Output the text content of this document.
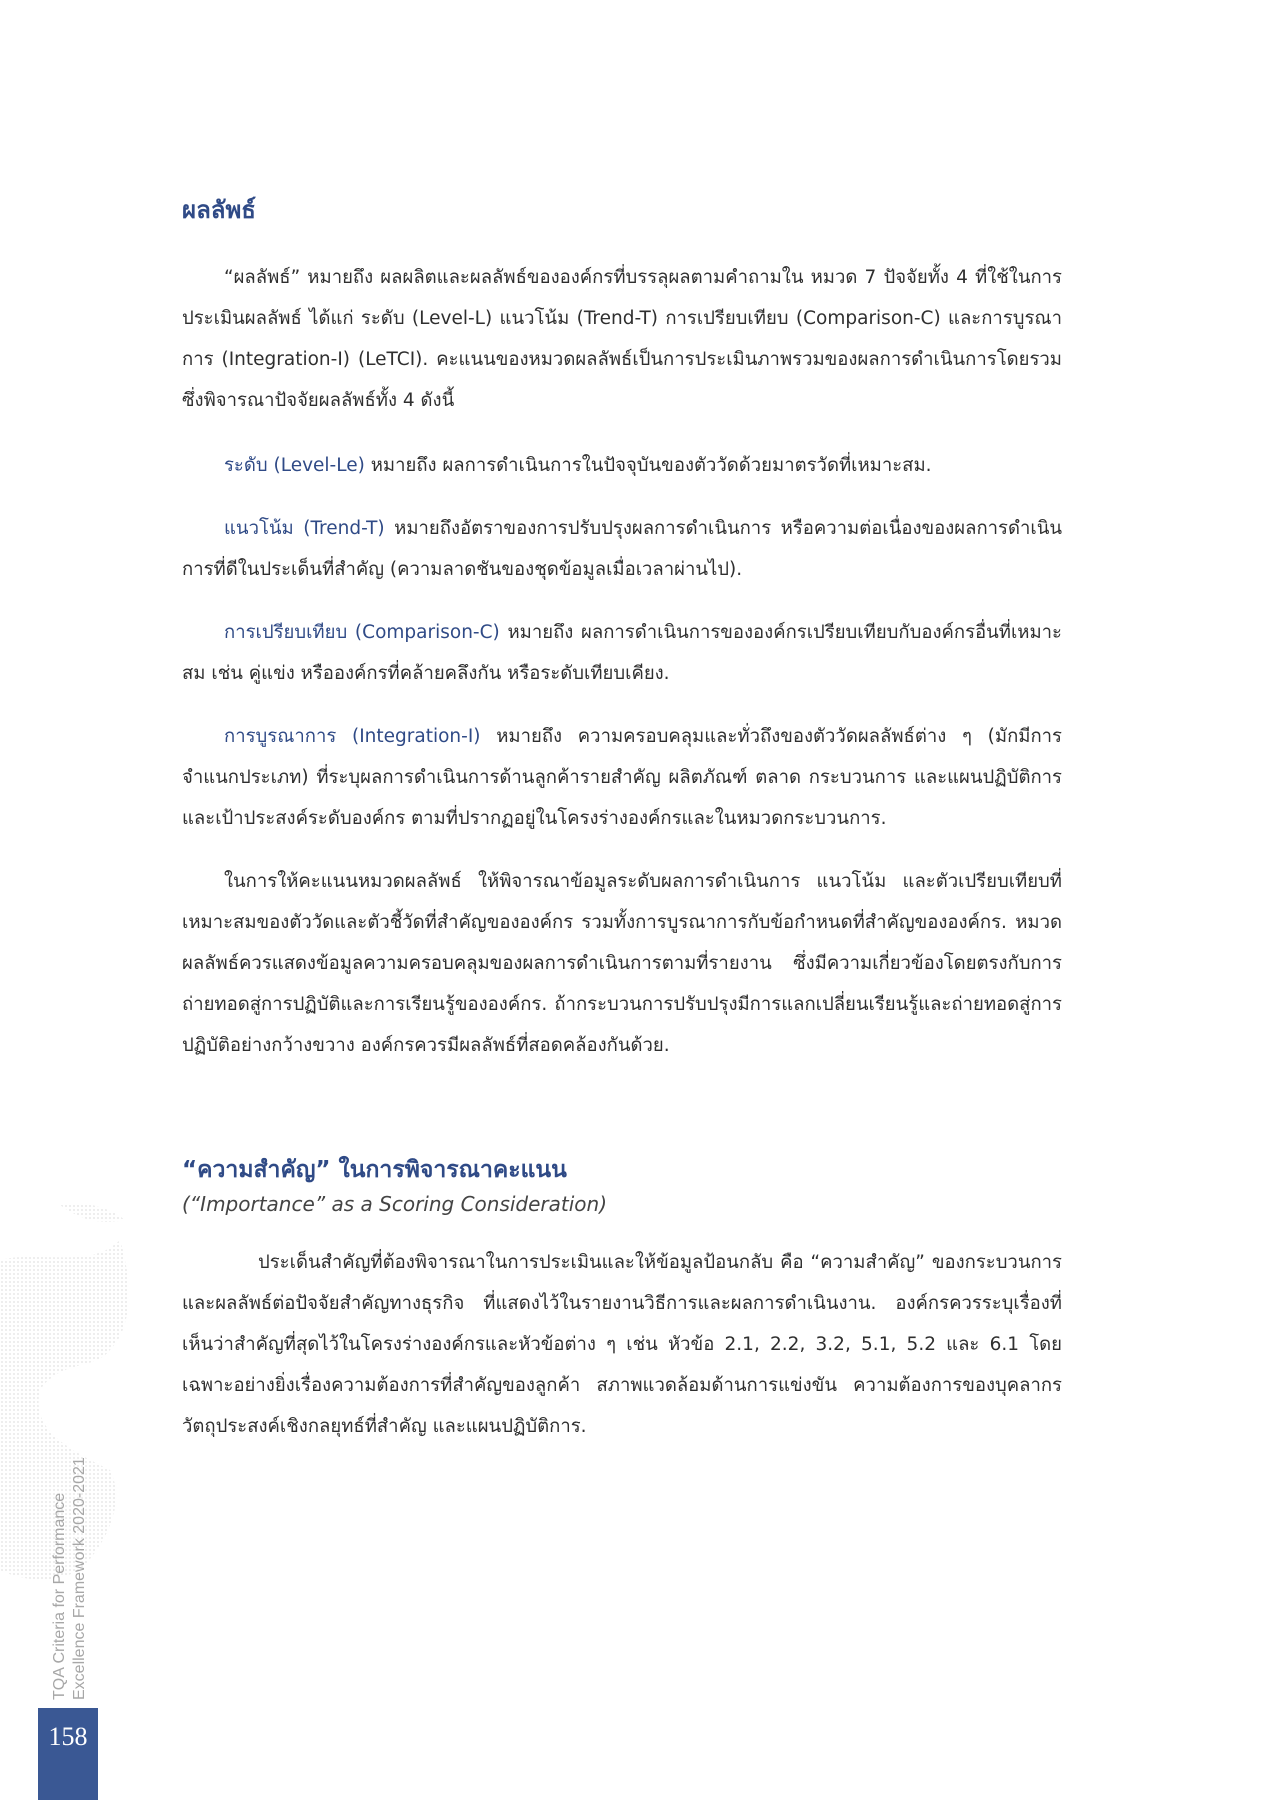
ผลลัพธ์

“ผลลัพธ์” หมายถึง ผลผลิตและผลลัพธ์ขององค์กรที่บรรลุผลตามคำถามใน หมวด 7 ปัจจัยทั้ง 4 ที่ใช้ในการประเมินผลลัพธ์ ได้แก่ ระดับ (Level-L) แนวโน้ม (Trend-T) การเปรียบเทียบ (Comparison-C) และการบูรณาการ (Integration-I) (LeTCI). คะแนนของหมวดผลลัพธ์เป็นการประเมินภาพรวมของผลการดำเนินการโดยรวม ซึ่งพิจารณาปัจจัยผลลัพธ์ทั้ง 4 ดังนี้

ระดับ (Level-Le) หมายถึง ผลการดำเนินการในปัจจุบันของตัววัดด้วยมาตรวัดที่เหมาะสม.

แนวโน้ม (Trend-T) หมายถึงอัตราของการปรับปรุงผลการดำเนินการ หรือความต่อเนื่องของผลการดำเนินการที่ดีในประเด็นที่สำคัญ (ความลาดชันของชุดข้อมูลเมื่อเวลาผ่านไป).

การเปรียบเทียบ (Comparison-C) หมายถึง ผลการดำเนินการขององค์กรเปรียบเทียบกับองค์กรอื่นที่เหมาะสม เช่น คู่แข่ง หรือองค์กรที่คล้ายคลึงกัน หรือระดับเทียบเคียง.

การบูรณาการ (Integration-I) หมายถึง ความครอบคลุมและทั่วถึงของตัววัดผลลัพธ์ต่าง ๆ (มักมีการจำแนกประเภท) ที่ระบุผลการดำเนินการด้านลูกค้ารายสำคัญ ผลิตภัณฑ์ ตลาด กระบวนการ และแผนปฏิบัติการ และเป้าประสงค์ระดับองค์กร ตามที่ปรากฏอยู่ในโครงร่างองค์กรและในหมวดกระบวนการ.

ในการให้คะแนนหมวดผลลัพธ์ ให้พิจารณาข้อมูลระดับผลการดำเนินการ แนวโน้ม และตัวเปรียบเทียบที่เหมาะสมของตัววัดและตัวชี้วัดที่สำคัญขององค์กร รวมทั้งการบูรณาการกับข้อกำหนดที่สำคัญขององค์กร. หมวดผลลัพธ์ควรแสดงข้อมูลความครอบคลุมของผลการดำเนินการตามที่รายงาน ซึ่งมีความเกี่ยวข้องโดยตรงกับการถ่ายทอดสู่การปฏิบัติและการเรียนรู้ขององค์กร. ถ้ากระบวนการปรับปรุงมีการแลกเปลี่ยนเรียนรู้และถ่ายทอดสู่การปฏิบัติอย่างกว้างขวาง องค์กรควรมีผลลัพธ์ที่สอดคล้องกันด้วย.

“ความสำคัญ” ในการพิจารณาคะแนน
(“Importance” as a Scoring Consideration)

ประเด็นสำคัญที่ต้องพิจารณาในการประเมินและให้ข้อมูลป้อนกลับ คือ “ความสำคัญ” ของกระบวนการและผลลัพธ์ต่อปัจจัยสำคัญทางธุรกิจ ที่แสดงไว้ในรายงานวิธีการและผลการดำเนินงาน. องค์กรควรระบุเรื่องที่เห็นว่าสำคัญที่สุดไว้ในโครงร่างองค์กรและหัวข้อต่าง ๆ เช่น หัวข้อ 2.1, 2.2, 3.2, 5.1, 5.2 และ 6.1 โดยเฉพาะอย่างยิ่งเรื่องความต้องการที่สำคัญของลูกค้า สภาพแวดล้อมด้านการแข่งขัน ความต้องการของบุคลากร วัตถุประสงค์เชิงกลยุทธ์ที่สำคัญ และแผนปฏิบัติการ.

TQA Criteria for Performance Excellence Framework 2020-2021
158
